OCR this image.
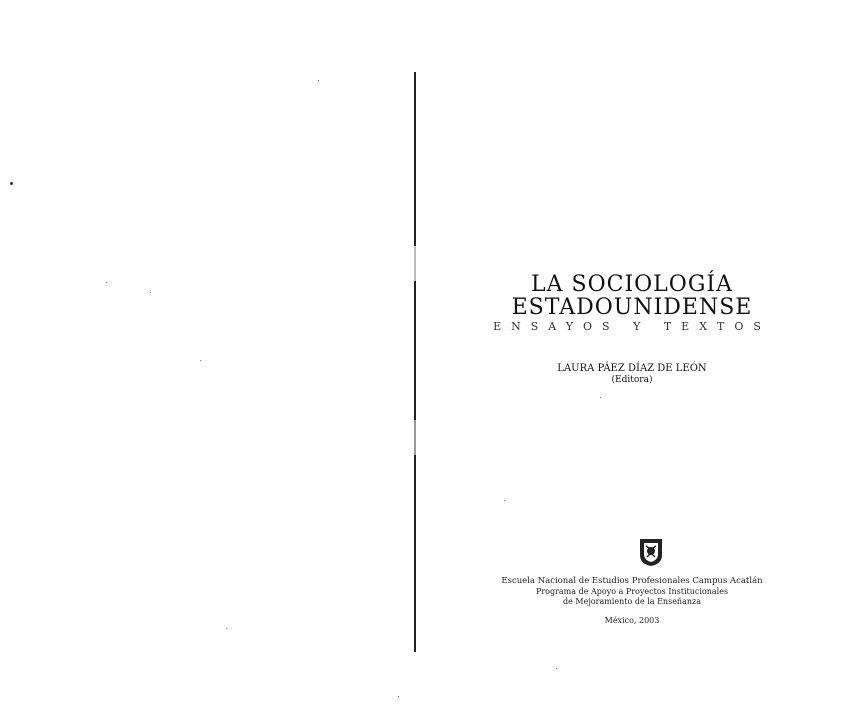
LA SOCIOLOGÍA
ESTADOUNIDENSE
ENSAYOS Y TEXTOS
LAURA PÁEZ DÍAZ DE LEÓN
(Editora)
Escuela Nacional de Estudios Profesionales Campus Acatlán
Programa de Apoyo a Proyectos Institucionales
de Mejoramiento de la Enseñanza
México, 2003
